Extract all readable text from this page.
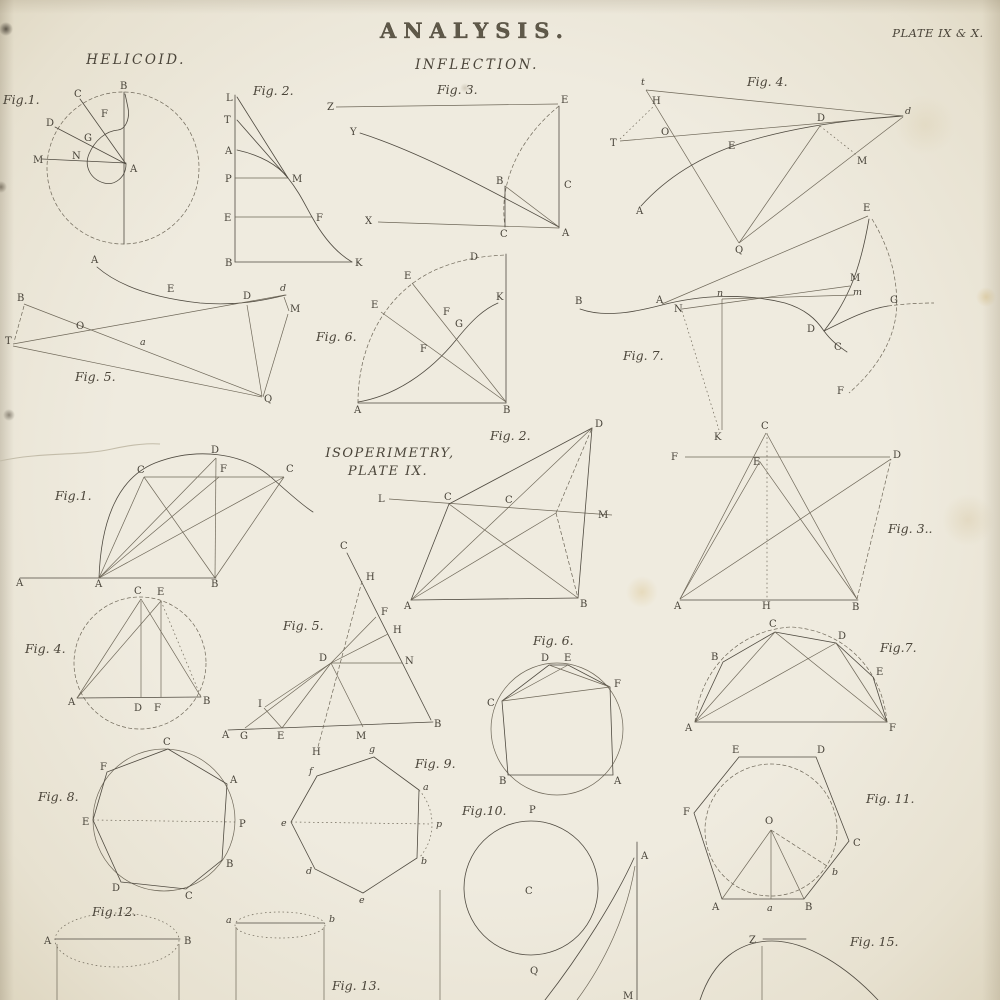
ANALYSIS.	PLATE IX & X.
INFLECTION.
HELICOID.
ISOPERIMETRY,
PLATE IX.
Fig.1.
B
C
D
F
G
M	N
A
Fig. 2.
L
T
A
P
E
B
M
F
K
Fig. 3.
Z
E
Y
X
B
C
C
A
Fig. 4.
t
H
T
O
E
D
d
M
A
Q
Fig. 5.
A
E
D
d
M
B
O
T	a
Q
Fig. 6.
D
E
E
K
F
G
F
A	B
Fig. 7.
E
M
m
G
B	A
N
n
D
C
F
K
Fig. 2.
D
L	C	C
M
A	B
Fig.1.
A	A	B
C
D
F	C
Fig. 3..
C
F	E
D
A	H	B
Fig. 4.
C E
A
D F
B
Fig. 5.
C
H
F
H
D	N
I
A G	E	M
B
H
Fig. 6.
D E
F
C
B	A
Fig.7.
B
C
D
E
A	F
Fig. 8.
C
A
P
B
C
D
E
F	Fig. 9.
g
a
p
b
e
d
e
f
Fig.10. P
C
Q
Fig. 11.
E	D
F
O
C
b
B
a
A
Fig.12.
A	B
Fig. 13.
a	b
A
M
Fig. 15.
Z
